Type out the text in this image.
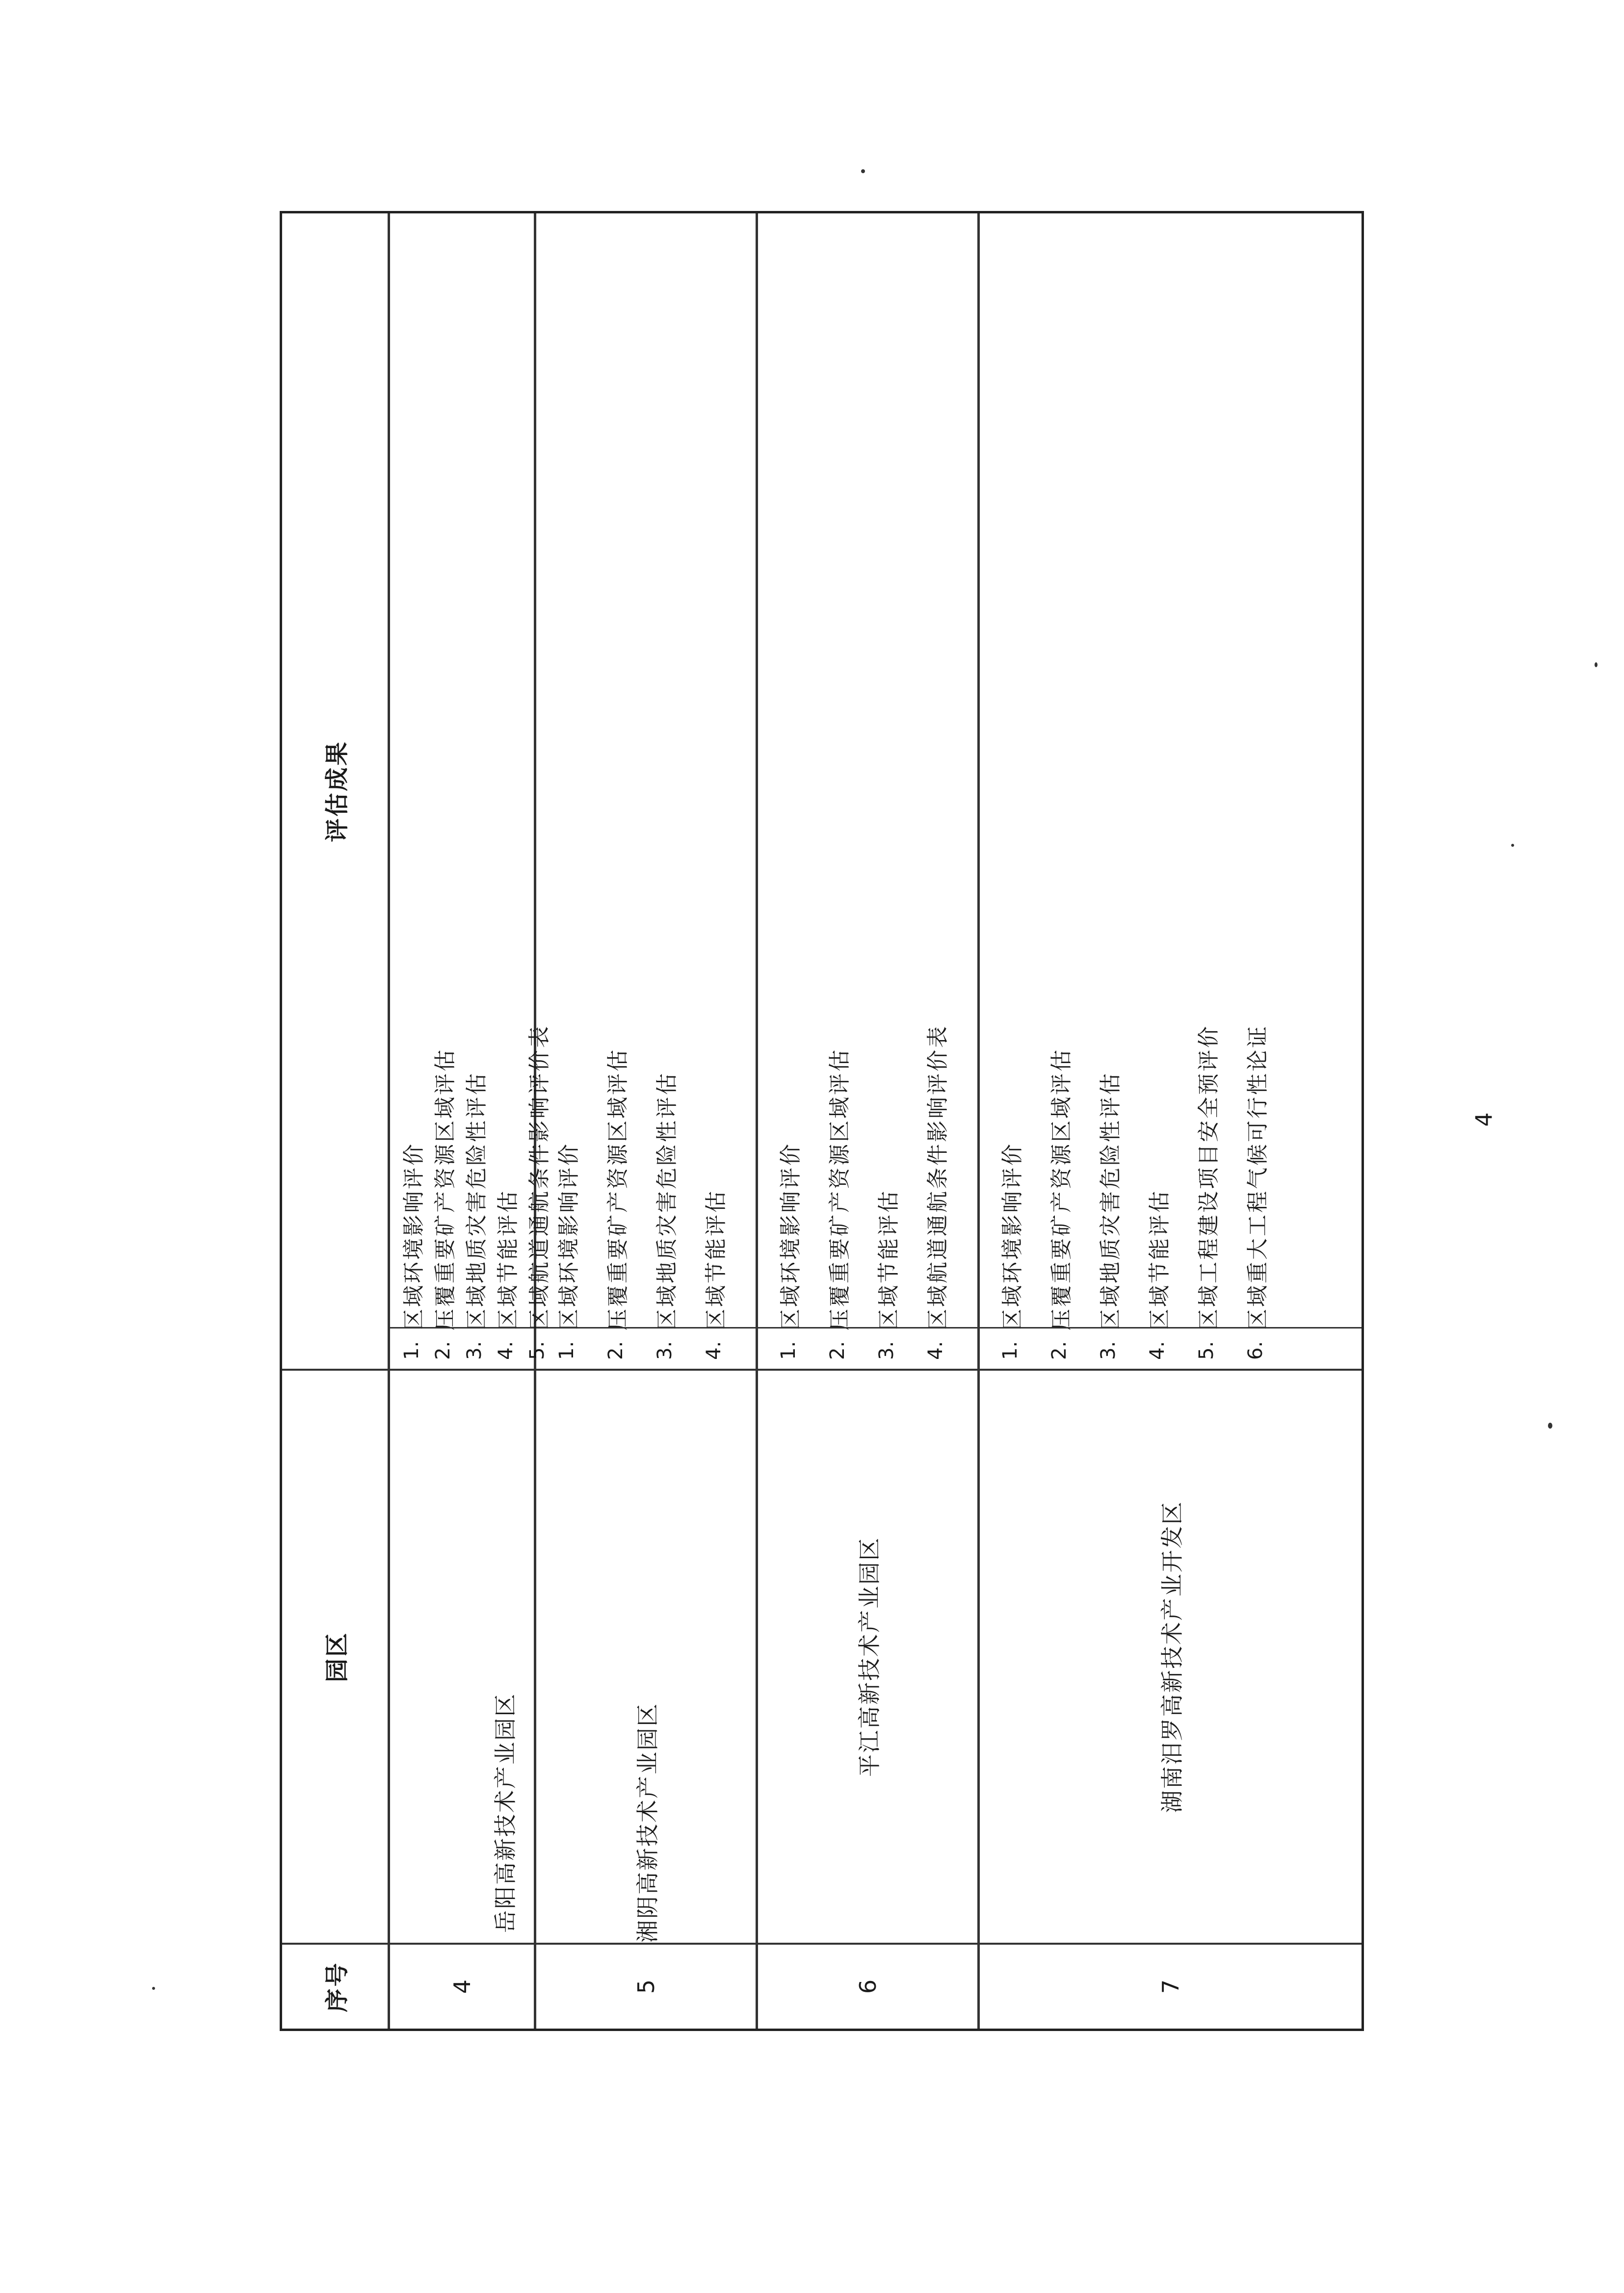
序号
园区
评估成果
4
岳阳高新技术产业园区
1.
区域环境影响评价
2.
压覆重要矿产资源区域评估
3.
区域地质灾害危险性评估
4.
区域节能评估
5.
区域航道通航条件影响评价表
5
湘阴高新技术产业园区
1.
区域环境影响评价
2.
压覆重要矿产资源区域评估
3.
区域地质灾害危险性评估
4.
区域节能评估
6
平江高新技术产业园区
1.
区域环境影响评价
2.
压覆重要矿产资源区域评估
3.
区域节能评估
4.
区域航道通航条件影响评价表
7
湖南汨罗高新技术产业开发区
1.
区域环境影响评价
2.
压覆重要矿产资源区域评估
3.
区域地质灾害危险性评估
4.
区域节能评估
5.
区域工程建设项目安全预评价
6.
区域重大工程气候可行性论证	4
